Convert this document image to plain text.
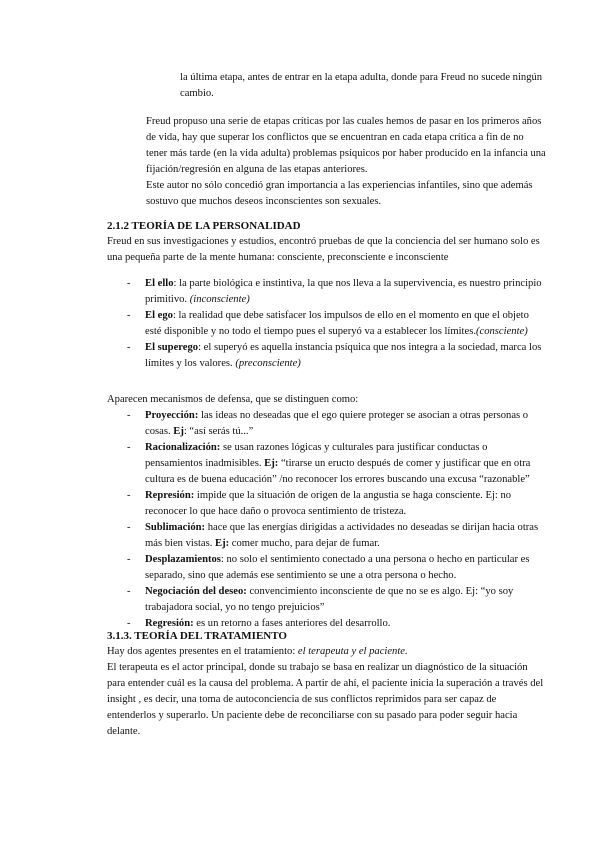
la última etapa, antes de entrar en la etapa adulta, donde para Freud no sucede ningún cambio.

Freud propuso una serie de etapas críticas por las cuales hemos de pasar en los primeros años de vida, hay que superar los conflictos que se encuentran en cada etapa crítica a fin de no tener más tarde (en la vida adulta) problemas psíquicos por haber producido en la infancia una fijación/regresión en alguna de las etapas anteriores.

Este autor no sólo concedió gran importancia a las experiencias infantiles, sino que además sostuvo que muchos deseos inconscientes son sexuales.

2.1.2 TEORÍA DE LA PERSONALIDAD

Freud en sus investigaciones y estudios, encontró pruebas de que la conciencia del ser humano solo es una pequeña parte de la mente humana: consciente, preconsciente e inconsciente

- El ello: la parte biológica e instintiva, la que nos lleva a la supervivencia, es nuestro principio primitivo. (inconsciente)
- El ego: la realidad que debe satisfacer los impulsos de ello en el momento en que el objeto esté disponible y no todo el tiempo pues el superyó va a establecer los límites.(consciente)
- El superego: el superyó es aquella instancia psíquica que nos integra a la sociedad, marca los límites y los valores. (preconsciente)

Aparecen mecanismos de defensa, que se distinguen como:

- Proyección: las ideas no deseadas que el ego quiere proteger se asocian a otras personas o cosas. Ej: “así serás tú...”
- Racionalización: se usan razones lógicas y culturales para justificar conductas o pensamientos inadmisibles. Ej: “tirarse un eructo después de comer y justificar que en otra cultura es de buena educación” /no reconocer los errores buscando una excusa “razonable”
- Represión: impide que la situación de origen de la angustia se haga consciente. Ej: no reconocer lo que hace daño o provoca sentimiento de tristeza.
- Sublimación: hace que las energías dirigidas a actividades no deseadas se dirijan hacia otras más bien vistas. Ej: comer mucho, para dejar de fumar.
- Desplazamientos: no solo el sentimiento conectado a una persona o hecho en particular es separado, sino que además ese sentimiento se une a otra persona o hecho.
- Negociación del deseo: convencimiento inconsciente de que no se es algo. Ej: “yo soy trabajadora social, yo no tengo prejuicios”
- Regresión: es un retorno a fases anteriores del desarrollo.
3.1.3. TEORÍA DEL TRATAMIENTO

Hay dos agentes presentes en el tratamiento: el terapeuta y el paciente.

El terapeuta es el actor principal, donde su trabajo se basa en realizar un diagnóstico de la situación para entender cuál es la causa del problema. A partir de ahí, el paciente inicia la superación a través del insight , es decir, una toma de autoconciencia de sus conflictos reprimidos para ser capaz de entenderlos y superarlo. Un paciente debe de reconciliarse con su pasado para poder seguir hacia delante.
